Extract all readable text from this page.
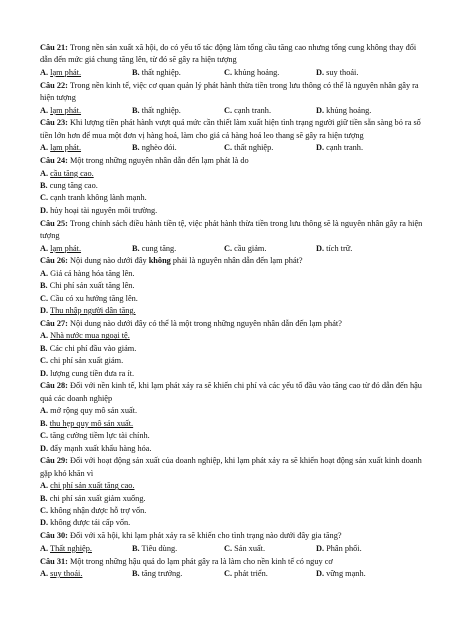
Câu 21: Trong nền sản xuất xã hội, do có yếu tố tác động làm tổng cầu tăng cao nhưng tổng cung không thay đổi dẫn đến mức giá chung tăng lên, từ đó sẽ gây ra hiện tượng

A. lạm phát.	B. thất nghiệp.	C. khủng hoảng.	D. suy thoái.

Câu 22: Trong nền kinh tế, việc cơ quan quản lý phát hành thừa tiền trong lưu thông có thể là nguyên nhân gây ra hiện tượng

A. lạm phát.	B. thất nghiệp.	C. cạnh tranh.	D. khủng hoảng.

Câu 23: Khi lượng tiền phát hành vượt quá mức cần thiết làm xuất hiện tình trạng người giữ tiền sẵn sàng bỏ ra số tiền lớn hơn để mua một đơn vị hàng hoá, làm cho giá cả hàng hoá leo thang sẽ gây ra hiện tượng

A. lạm phát.	B. nghèo đói.	C. thất nghiệp.	D. cạnh tranh.

Câu 24: Một trong những nguyên nhân dẫn đến lạm phát là do

A. cầu tăng cao.
B. cung tăng cao.
C. cạnh tranh không lành mạnh.
D. hủy hoại tài nguyên môi trường.

Câu 25: Trong chính sách điều hành tiền tệ, việc phát hành thừa tiền trong lưu thông sẽ là nguyên nhân gây ra hiện tượng

A. lạm phát.	B. cung tăng.	C. cầu giảm.	D. tích trữ.

Câu 26: Nội dung nào dưới đây không phải là nguyên nhân dẫn đến lạm phát?

A. Giá cả hàng hóa tăng lên.
B. Chi phí sản xuất tăng lên.
C. Cầu có xu hướng tăng lên.
D. Thu nhập người dân tăng.

Câu 27: Nội dung nào dưới đây có thể là một trong những nguyên nhân dẫn đến lạm phát?

A. Nhà nước mua ngoại tệ.
B. Các chi phí đầu vào giảm.
C. chi phí sản xuất giảm.
D. lượng cung tiền đưa ra ít.

Câu 28: Đối với nền kinh tế, khi lạm phát xảy ra sẽ khiến chi phí và các yếu tố đầu vào tăng cao từ đó dẫn đến hậu quả các doanh nghiệp

A. mở rộng quy mô sản xuất.
B. thu hẹp quy mô sản xuất.
C. tăng cường tiềm lực tài chính.
D. đẩy mạnh xuất khẩu hàng hóa.

Câu 29: Đối với hoạt động sản xuất của doanh nghiệp, khi lạm phát xảy ra sẽ khiến hoạt động sản xuất kinh doanh gặp khó khăn vì

A. chi phí sản xuất tăng cao.
B. chi phí sản xuất giảm xuống.
C. không nhận được hỗ trợ vốn.
D. không được tái cấp vốn.

Câu 30: Đối với xã hội, khi lạm phát xảy ra sẽ khiến cho tình trạng nào dưới đây gia tăng?

A. Thất nghiệp.	B. Tiêu dùng.	C. Sản xuất.	D. Phân phối.

Câu 31: Một trong những hậu quả do lạm phát gây ra là làm cho nền kinh tế có nguy cơ

A. suy thoái.	B. tăng trưởng.	C. phát triển.	D. vững mạnh.
